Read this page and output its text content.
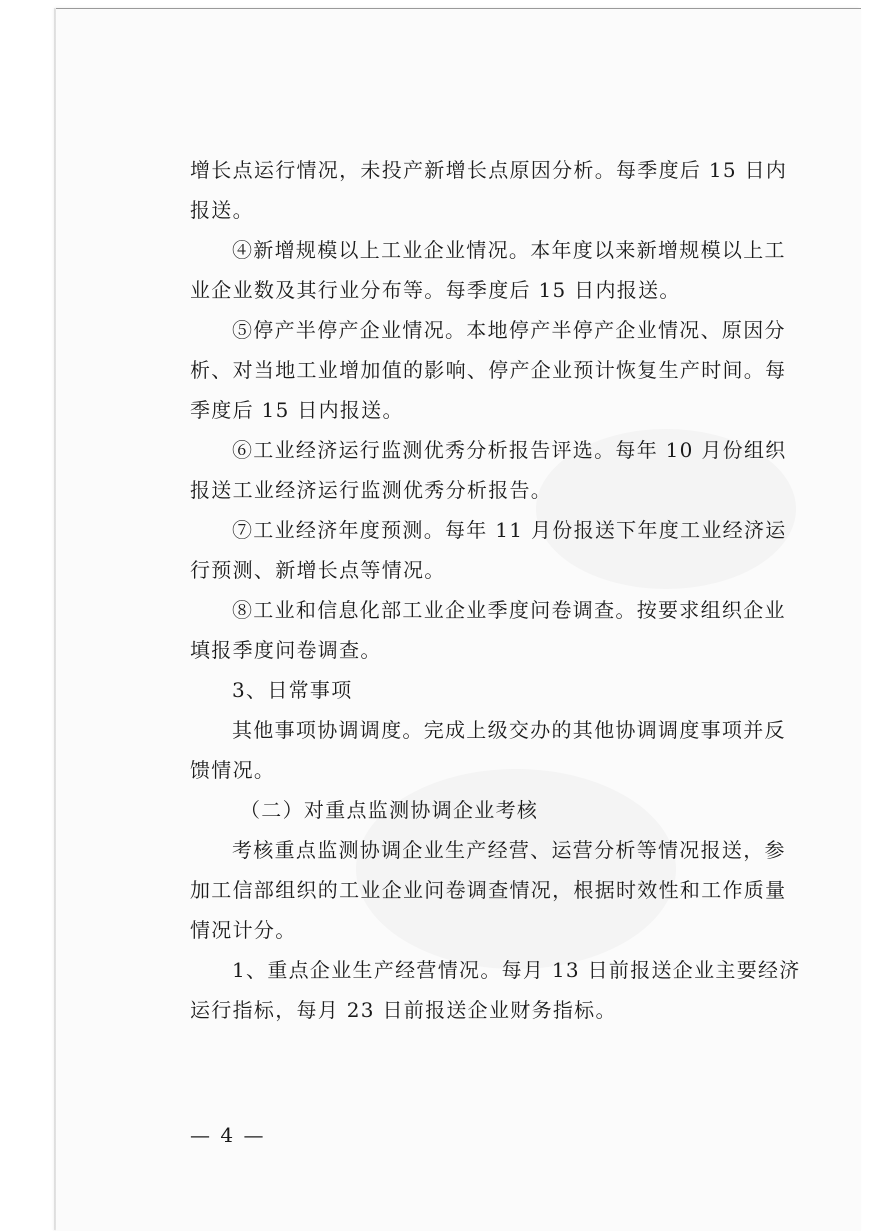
增长点运行情况，未投产新增长点原因分析。每季度后 15 日内
报送。
④新增规模以上工业企业情况。本年度以来新增规模以上工
业企业数及其行业分布等。每季度后 15 日内报送。
⑤停产半停产企业情况。本地停产半停产企业情况、原因分
析、对当地工业增加值的影响、停产企业预计恢复生产时间。每
季度后 15 日内报送。
⑥工业经济运行监测优秀分析报告评选。每年 10 月份组织
报送工业经济运行监测优秀分析报告。
⑦工业经济年度预测。每年 11 月份报送下年度工业经济运
行预测、新增长点等情况。
⑧工业和信息化部工业企业季度问卷调查。按要求组织企业
填报季度问卷调查。
3、日常事项
其他事项协调调度。完成上级交办的其他协调调度事项并反
馈情况。
（二）对重点监测协调企业考核
考核重点监测协调企业生产经营、运营分析等情况报送，参
加工信部组织的工业企业问卷调查情况，根据时效性和工作质量
情况计分。
1、重点企业生产经营情况。每月 13 日前报送企业主要经济
运行指标，每月 23 日前报送企业财务指标。
— 4 —
